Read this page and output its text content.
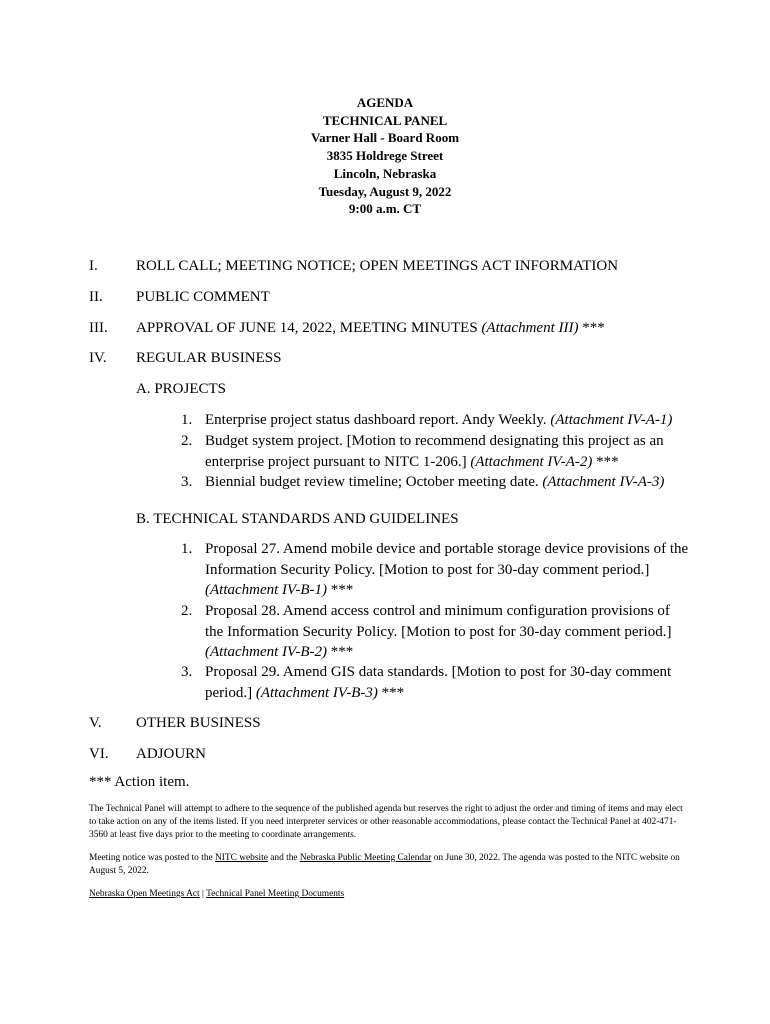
AGENDA
TECHNICAL PANEL
Varner Hall - Board Room
3835 Holdrege Street
Lincoln, Nebraska
Tuesday, August 9, 2022
9:00 a.m. CT
I.	ROLL CALL; MEETING NOTICE; OPEN MEETINGS ACT INFORMATION
II. PUBLIC COMMENT
III. APPROVAL OF JUNE 14, 2022, MEETING MINUTES (Attachment III) ***
IV. REGULAR BUSINESS
A. PROJECTS
1. Enterprise project status dashboard report. Andy Weekly. (Attachment IV-A-1)
2. Budget system project. [Motion to recommend designating this project as an enterprise project pursuant to NITC 1-206.] (Attachment IV-A-2) ***
3. Biennial budget review timeline; October meeting date. (Attachment IV-A-3)
B. TECHNICAL STANDARDS AND GUIDELINES
1. Proposal 27. Amend mobile device and portable storage device provisions of the Information Security Policy. [Motion to post for 30-day comment period.] (Attachment IV-B-1) ***
2. Proposal 28. Amend access control and minimum configuration provisions of the Information Security Policy. [Motion to post for 30-day comment period.] (Attachment IV-B-2) ***
3. Proposal 29. Amend GIS data standards. [Motion to post for 30-day comment period.] (Attachment IV-B-3) ***
V. OTHER BUSINESS
VI. ADJOURN
*** Action item.
The Technical Panel will attempt to adhere to the sequence of the published agenda but reserves the right to adjust the order and timing of items and may elect to take action on any of the items listed. If you need interpreter services or other reasonable accommodations, please contact the Technical Panel at 402-471-3560 at least five days prior to the meeting to coordinate arrangements.
Meeting notice was posted to the NITC website and the Nebraska Public Meeting Calendar on June 30, 2022. The agenda was posted to the NITC website on August 5, 2022.
Nebraska Open Meetings Act | Technical Panel Meeting Documents
